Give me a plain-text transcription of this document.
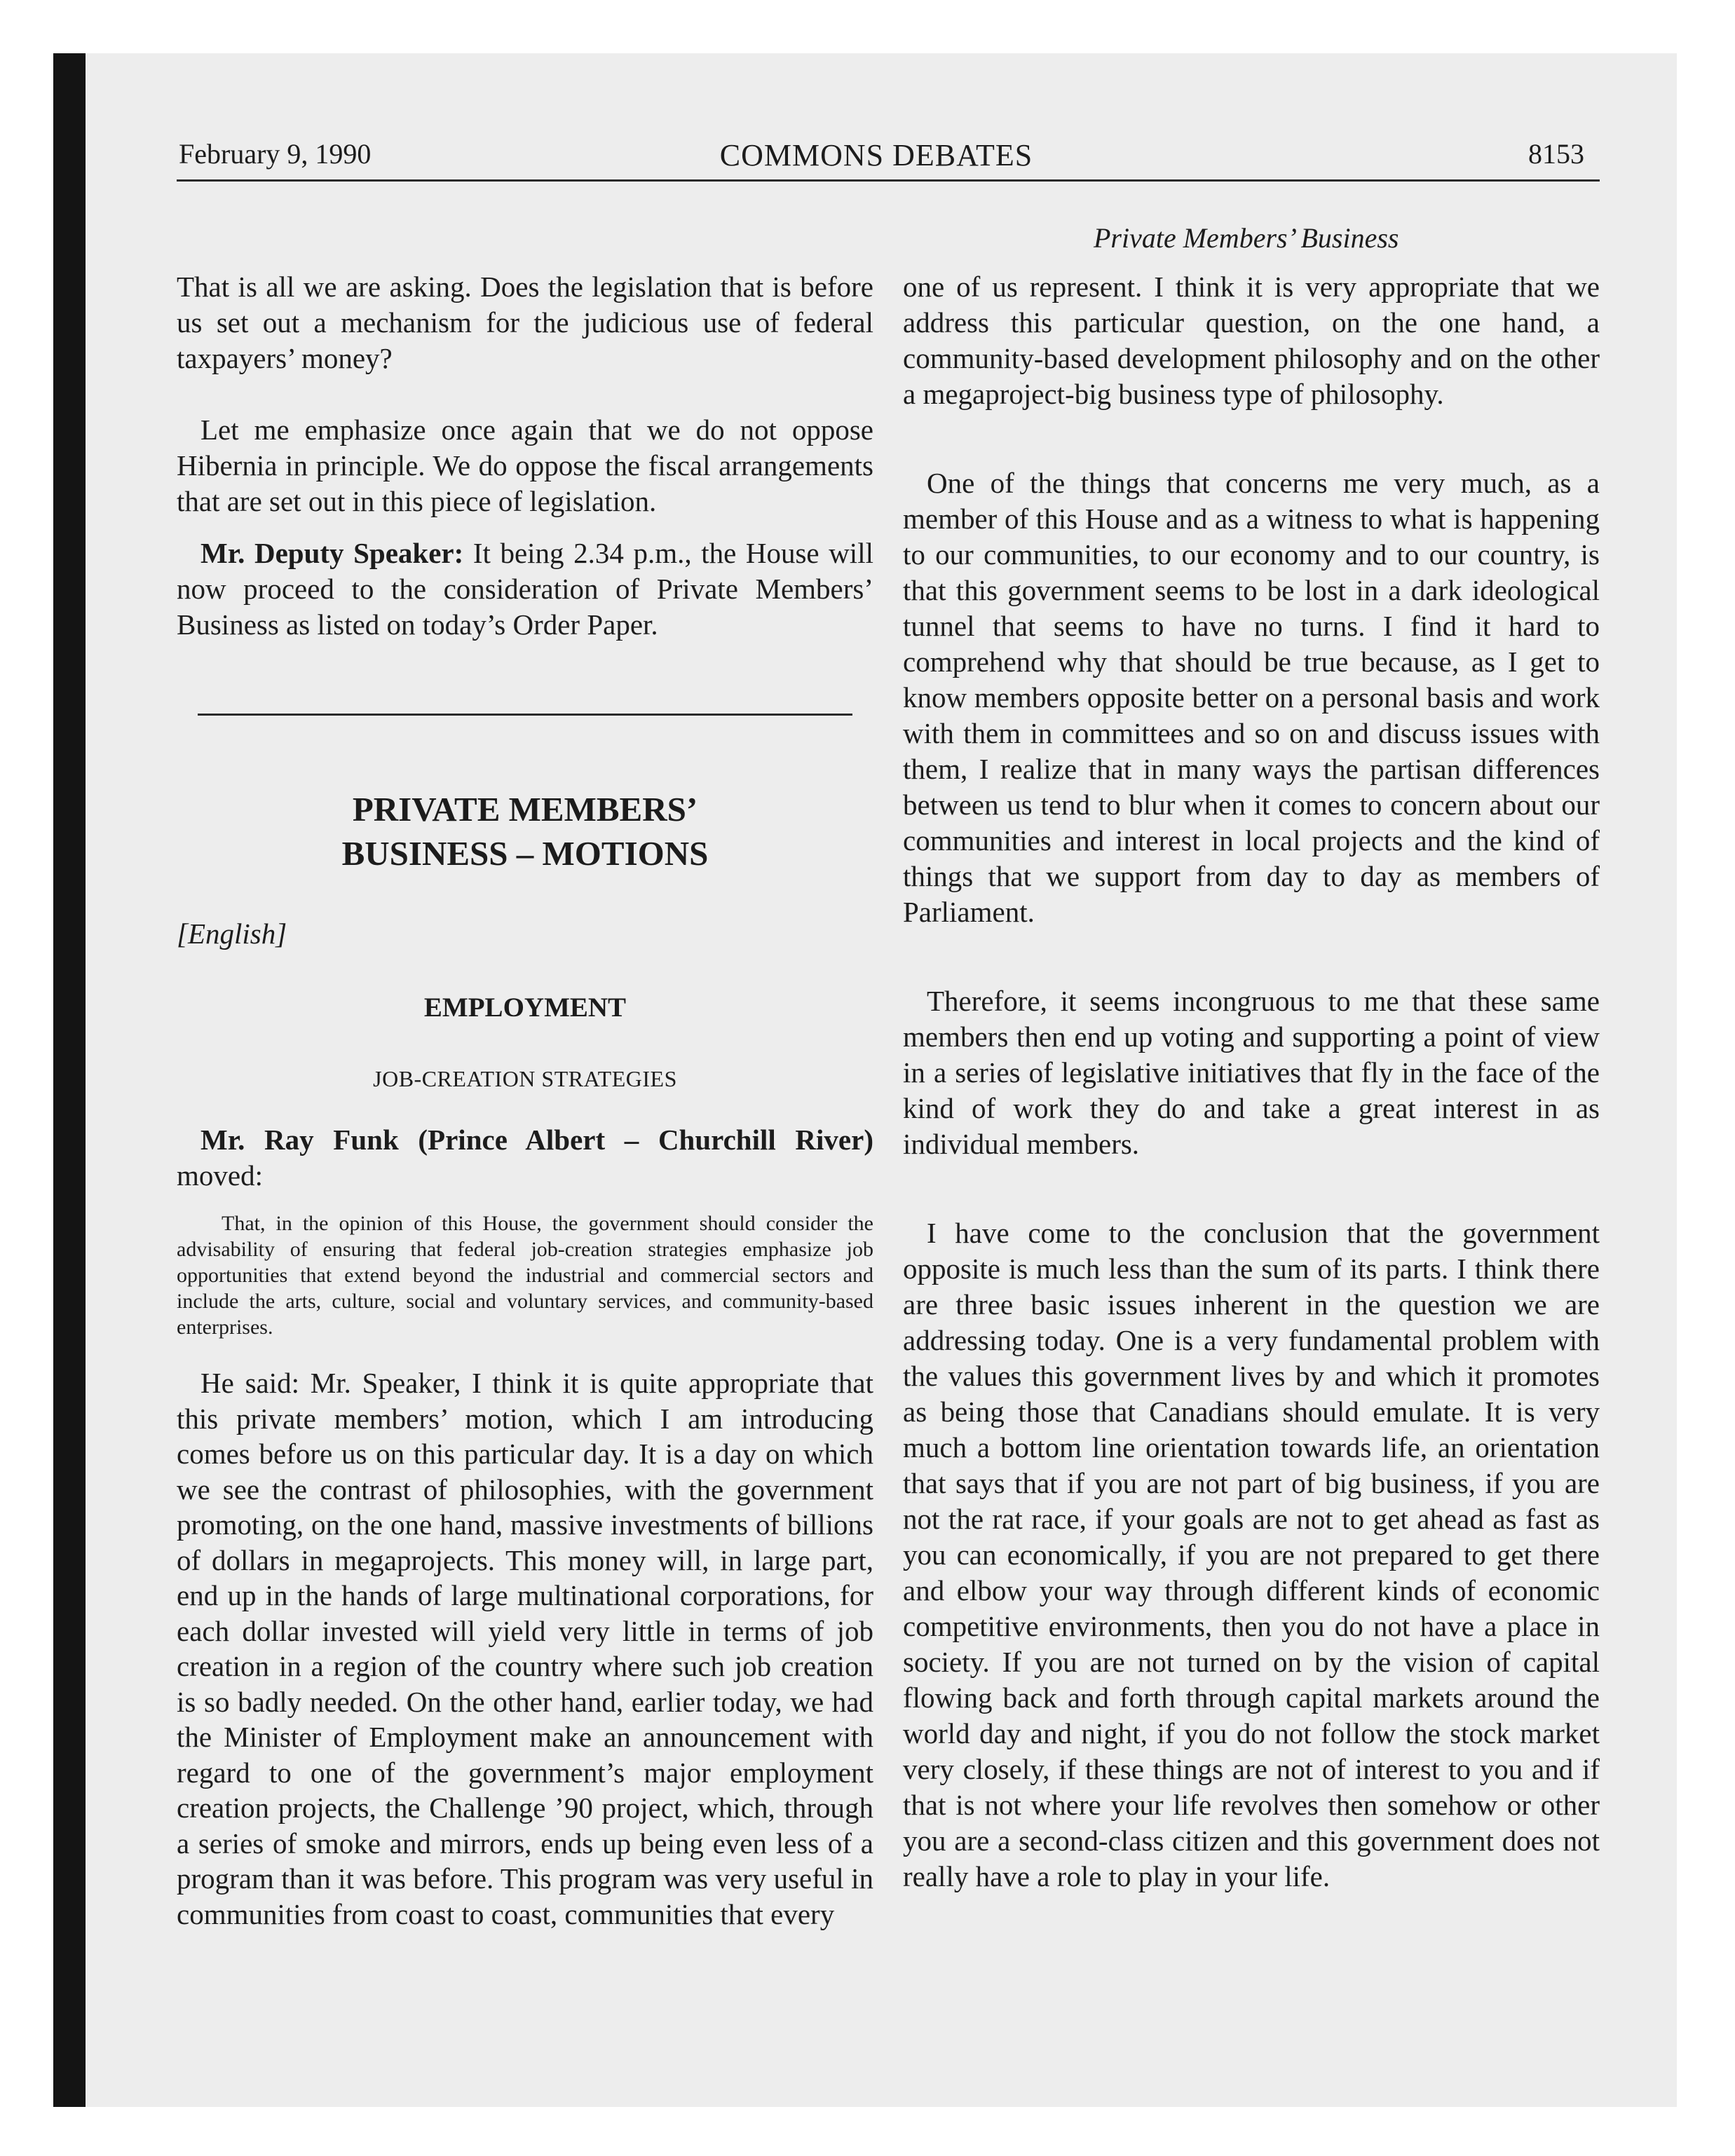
February 9, 1990	COMMONS DEBATES	8153
Private Members’ Business

That is all we are asking. Does the legislation that is before us set out a mechanism for the judicious use of federal taxpayers’ money?

Let me emphasize once again that we do not oppose Hibernia in principle. We do oppose the fiscal arrangements that are set out in this piece of legislation.

Mr. Deputy Speaker: It being 2.34 p.m., the House will now proceed to the consideration of Private Members’ Business as listed on today’s Order Paper.

PRIVATE MEMBERS’

BUSINESS – MOTIONS

[English]

EMPLOYMENT

JOB-CREATION STRATEGIES

Mr. Ray Funk (Prince Albert – Churchill River)

moved:

That, in the opinion of this House, the government should consider the advisability of ensuring that federal job-creation strategies emphasize job opportunities that extend beyond the industrial and commercial sectors and include the arts, culture, social and voluntary services, and community-based enterprises.

He said: Mr. Speaker, I think it is quite appropriate that this private members’ motion, which I am introducing comes before us on this particular day. It is a day on which we see the contrast of philosophies, with the government promoting, on the one hand, massive investments of billions of dollars in megaprojects. This money will, in large part, end up in the hands of large multinational corporations, for each dollar invested will yield very little in terms of job creation in a region of the country where such job creation is so badly needed. On the other hand, earlier today, we had the Minister of Employment make an announcement with regard to one of the government’s major employment creation projects, the Challenge ’90 project, which, through a series of smoke and mirrors, ends up being even less of a program than it was before. This program was very useful in communities from coast to coast, communities that every

one of us represent. I think it is very appropriate that we address this particular question, on the one hand, a community-based development philosophy and on the other a megaproject-big business type of philosophy.

One of the things that concerns me very much, as a member of this House and as a witness to what is happening to our communities, to our economy and to our country, is that this government seems to be lost in a dark ideological tunnel that seems to have no turns. I find it hard to comprehend why that should be true because, as I get to know members opposite better on a personal basis and work with them in committees and so on and discuss issues with them, I realize that in many ways the partisan differences between us tend to blur when it comes to concern about our communities and interest in local projects and the kind of things that we support from day to day as members of Parliament.

Therefore, it seems incongruous to me that these same members then end up voting and supporting a point of view in a series of legislative initiatives that fly in the face of the kind of work they do and take a great interest in as individual members.

I have come to the conclusion that the government opposite is much less than the sum of its parts. I think there are three basic issues inherent in the question we are addressing today. One is a very fundamental problem with the values this government lives by and which it promotes as being those that Canadians should emulate. It is very much a bottom line orientation towards life, an orientation that says that if you are not part of big business, if you are not the rat race, if your goals are not to get ahead as fast as you can economically, if you are not prepared to get there and elbow your way through different kinds of economic competitive environments, then you do not have a place in society. If you are not turned on by the vision of capital flowing back and forth through capital markets around the world day and night, if you do not follow the stock market very closely, if these things are not of interest to you and if that is not where your life revolves then somehow or other you are a second-class citizen and this government does not really have a role to play in your life.
